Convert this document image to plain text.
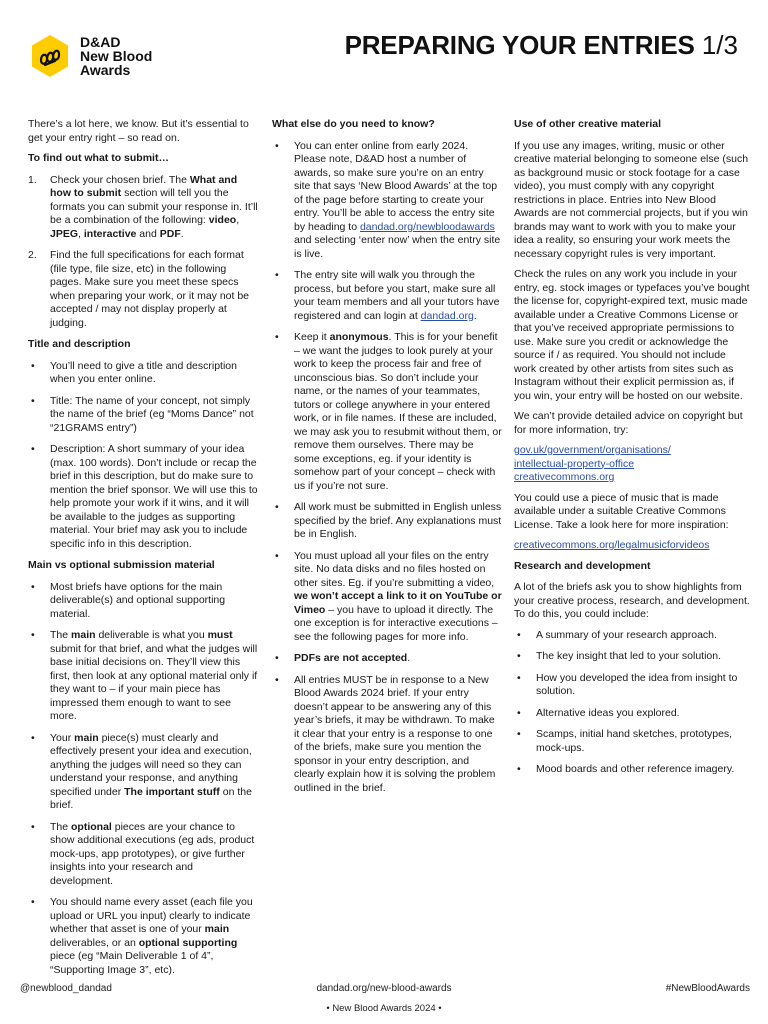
D&AD
New Blood
Awards
PREPARING YOUR ENTRIES 1/3

There’s a lot here, we know. But it’s essential to get your entry right – so read on.

To find out what to submit…
1. Check your chosen brief. The What and how to submit section will tell you the formats you can submit your response in. It’ll be a combination of the following: video, JPEG, interactive and PDF.
2. Find the full specifications for each format (file type, file size, etc) in the following pages. Make sure you meet these specs when preparing your work, or it may not be accepted / may not display properly at judging.
Title and description
• You’ll need to give a title and description when you enter online.
• Title: The name of your concept, not simply the name of the brief (eg “Moms Dance” not “21GRAMS entry”)
• Description: A short summary of your idea (max. 100 words). Don’t include or recap the brief in this description, but do make sure to mention the brief sponsor. We will use this to help promote your work if it wins, and it will be available to the judges as supporting material. Your brief may ask you to include specific info in this description.
Main vs optional submission material
• Most briefs have options for the main deliverable(s) and optional supporting material.
• The main deliverable is what you must submit for that brief, and what the judges will base initial decisions on. They’ll view this first, then look at any optional material only if they want to – if your main piece has impressed them enough to want to see more.
• Your main piece(s) must clearly and effectively present your idea and execution, anything the judges will need so they can understand your response, and anything specified under The important stuff on the brief.
• The optional pieces are your chance to show additional executions (eg ads, product mock-ups, app prototypes), or give further insights into your research and development.
• You should name every asset (each file you upload or URL you input) clearly to indicate whether that asset is one of your main deliverables, or an optional supporting piece (eg “Main Deliverable 1 of 4”, “Supporting Image 3”, etc).
What else do you need to know?
• You can enter online from early 2024. Please note, D&AD host a number of awards, so make sure you’re on an entry site that says ‘New Blood Awards’ at the top of the page before starting to create your entry. You’ll be able to access the entry site by heading to dandad.org/newbloodawards and selecting ‘enter now’ when the entry site is live.
• The entry site will walk you through the process, but before you start, make sure all your team members and all your tutors have registered and can login at dandad.org.
• Keep it anonymous. This is for your benefit – we want the judges to look purely at your work to keep the process fair and free of unconscious bias. So don’t include your name, or the names of your teammates, tutors or college anywhere in your entered work, or in file names. If these are included, we may ask you to resubmit without them, or remove them ourselves. There may be some exceptions, eg. if your identity is somehow part of your concept – check with us if you’re not sure.
• All work must be submitted in English unless specified by the brief. Any explanations must be in English.
• You must upload all your files on the entry site. No data disks and no files hosted on other sites. Eg. if you’re submitting a video, we won’t accept a link to it on YouTube or Vimeo – you have to upload it directly. The one exception is for interactive executions – see the following pages for more info.
• PDFs are not accepted.
• All entries MUST be in response to a New Blood Awards 2024 brief. If your entry doesn’t appear to be answering any of this year’s briefs, it may be withdrawn. To make it clear that your entry is a response to one of the briefs, make sure you mention the sponsor in your entry description, and clearly explain how it is solving the problem outlined in the brief.
Use of other creative material

If you use any images, writing, music or other creative material belonging to someone else (such as background music or stock footage for a case video), you must comply with any copyright restrictions in place. Entries into New Blood Awards are not commercial projects, but if you win brands may want to work with you to make your idea a reality, so ensuring your work meets the necessary copyright rules is very important.

Check the rules on any work you include in your entry, eg. stock images or typefaces you’ve bought the license for, copyright-expired text, music made available under a Creative Commons License or that you’ve received appropriate permissions to use. Make sure you credit or acknowledge the source if / as required. You should not include work created by other artists from sites such as Instagram without their explicit permission as, if you win, your entry will be hosted on our website.

We can’t provide detailed advice on copyright but for more information, try:

gov.uk/government/organisations/

intellectual-property-office

creativecommons.org

You could use a piece of music that is made available under a suitable Creative Commons License. Take a look here for more inspiration:

creativecommons.org/legalmusicforvideos

Research and development

A lot of the briefs ask you to show highlights from your creative process, research, and development. To do this, you could include:

• A summary of your research approach.
• The key insight that led to your solution.
• How you developed the idea from insight to solution.
• Alternative ideas you explored.
• Scamps, initial hand sketches, prototypes, mock-ups.
• Mood boards and other reference imagery.
dandad.org/new-blood-awards
@newblood_dandad	#NewBloodAwards
• New Blood Awards 2024 •
